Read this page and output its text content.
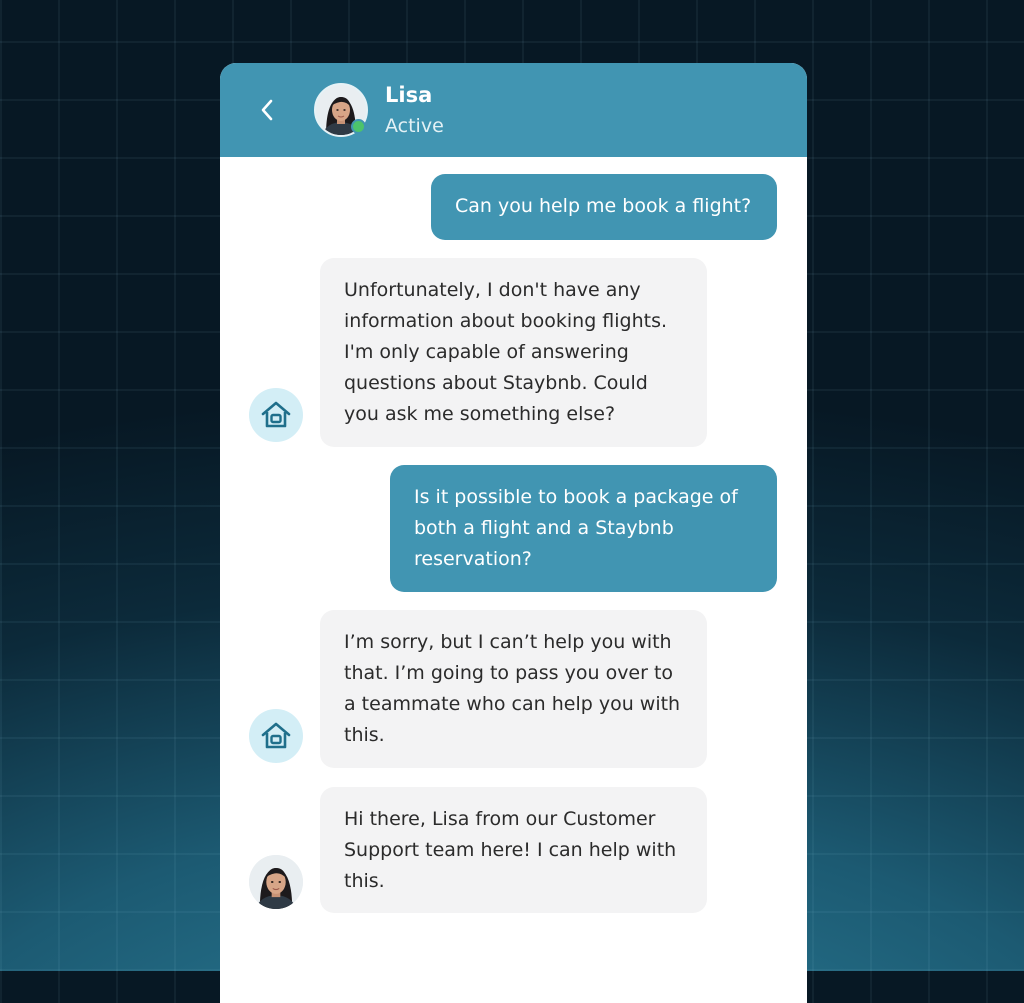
Lisa
Active
Can you help me book a flight?
Unfortunately, I don't have any
information about booking flights.
I'm only capable of answering
questions about Staybnb. Could
you ask me something else?
Is it possible to book a package of
both a flight and a Staybnb
reservation?
I’m sorry, but I can’t help you with
that. I’m going to pass you over to
a teammate who can help you with
this.
Hi there, Lisa from our Customer
Support team here! I can help with
this.
